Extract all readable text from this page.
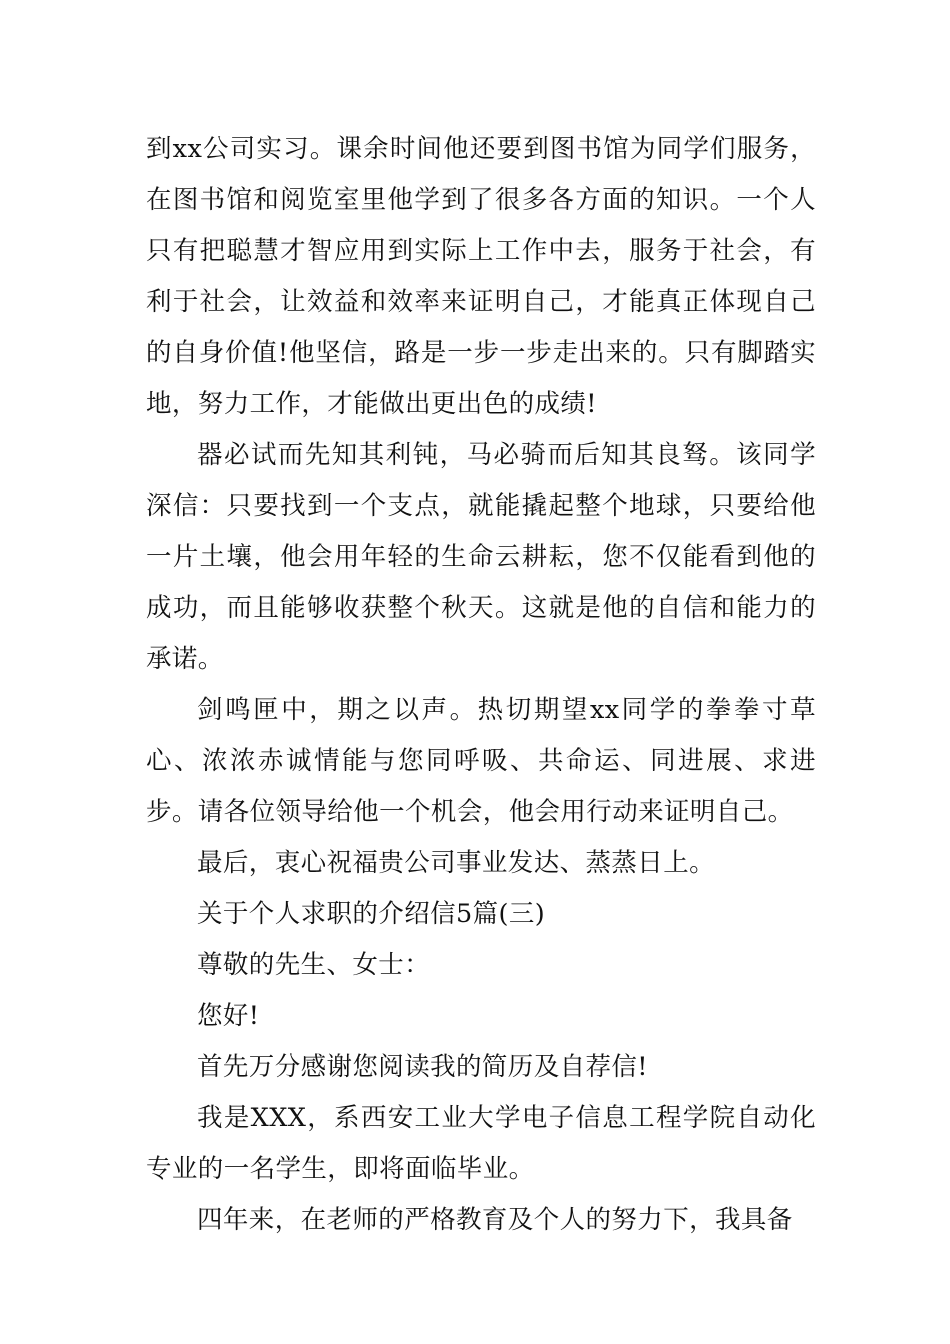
到xx公司实习。课余时间他还要到图书馆为同学们服务，在图书馆和阅览室里他学到了很多各方面的知识。一个人只有把聪慧才智应用到实际上工作中去，服务于社会，有利于社会，让效益和效率来证明自己，才能真正体现自己的自身价值!他坚信，路是一步一步走出来的。只有脚踏实地，努力工作，才能做出更出色的成绩!

器必试而先知其利钝，马必骑而后知其良驽。该同学深信：只要找到一个支点，就能撬起整个地球，只要给他一片土壤，他会用年轻的生命云耕耘，您不仅能看到他的成功，而且能够收获整个秋天。这就是他的自信和能力的承诺。

剑鸣匣中，期之以声。热切期望xx同学的拳拳寸草心、浓浓赤诚情能与您同呼吸、共命运、同进展、求进步。请各位领导给他一个机会，他会用行动来证明自己。

最后，衷心祝福贵公司事业发达、蒸蒸日上。

关于个人求职的介绍信5篇(三)

尊敬的先生、女士：

您好!

首先万分感谢您阅读我的简历及自荐信!

我是XXX，系西安工业大学电子信息工程学院自动化专业的一名学生，即将面临毕业。

四年来，在老师的严格教育及个人的努力下，我具备
